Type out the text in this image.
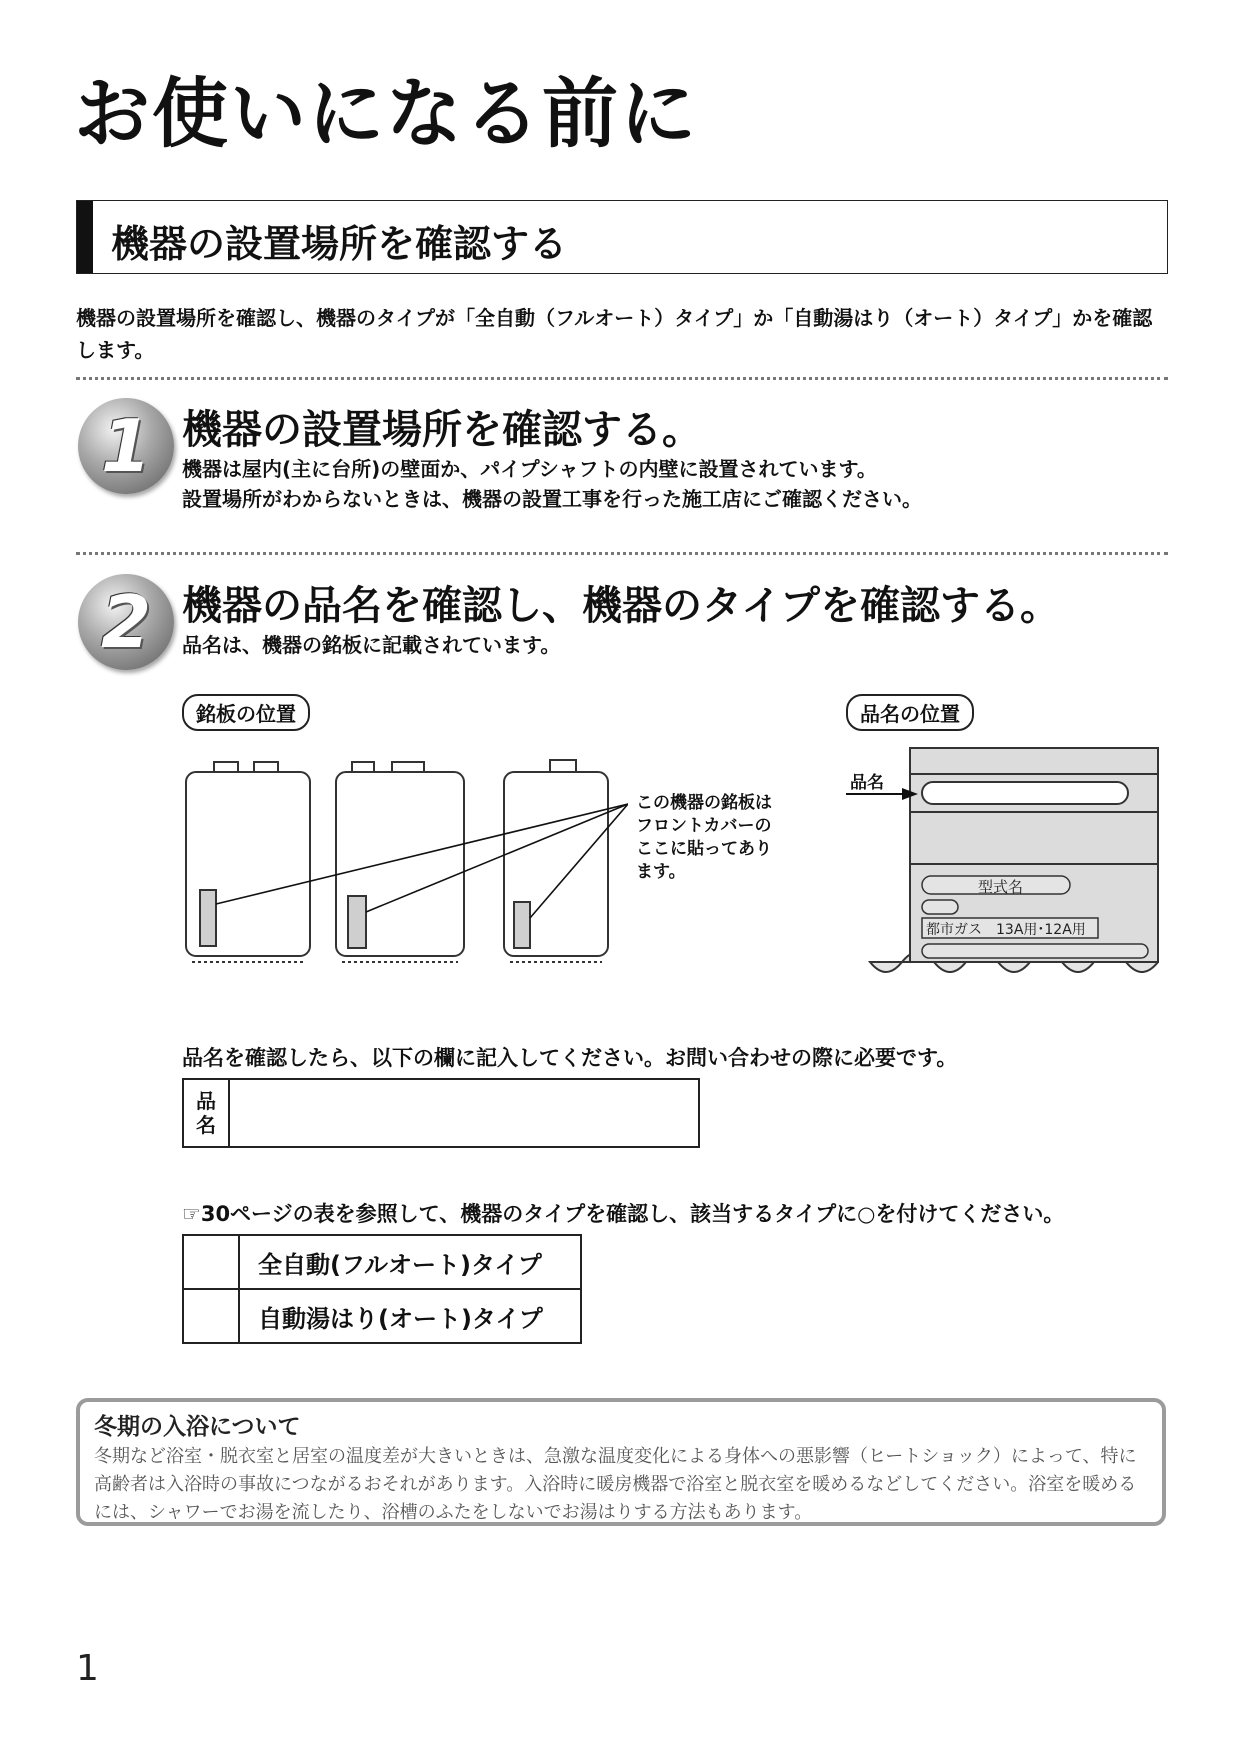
お使いになる前に
機器の設置場所を確認する
機器の設置場所を確認し、機器のタイプが「全自動（フルオート）タイプ」か「自動湯はり（オート）タイプ」かを確認します。
1 機器の設置場所を確認する。
機器は屋内(主に台所)の壁面か、パイプシャフトの内壁に設置されています。
設置場所がわからないときは、機器の設置工事を行った施工店にご確認ください。
2 機器の品名を確認し、機器のタイプを確認する。
品名は、機器の銘板に記載されています。
銘板の位置	品名の位置
この機器の銘板は
フロントカバーの
ここに貼ってあり
ます。
品名
型式名
都市ガス　13A用･12A用
品名を確認したら、以下の欄に記入してください。お問い合わせの際に必要です。
品
名
☞30ページの表を参照して、機器のタイプを確認し、該当するタイプに○を付けてください。
	全自動(フルオート)タイプ
	自動湯はり(オート)タイプ
冬期の入浴について
冬期など浴室・脱衣室と居室の温度差が大きいときは、急激な温度変化による身体への悪影響（ヒートショック）によって、特に高齢者は入浴時の事故につながるおそれがあります。入浴時に暖房機器で浴室と脱衣室を暖めるなどしてください。浴室を暖めるには、シャワーでお湯を流したり、浴槽のふたをしないでお湯はりする方法もあります。
1
